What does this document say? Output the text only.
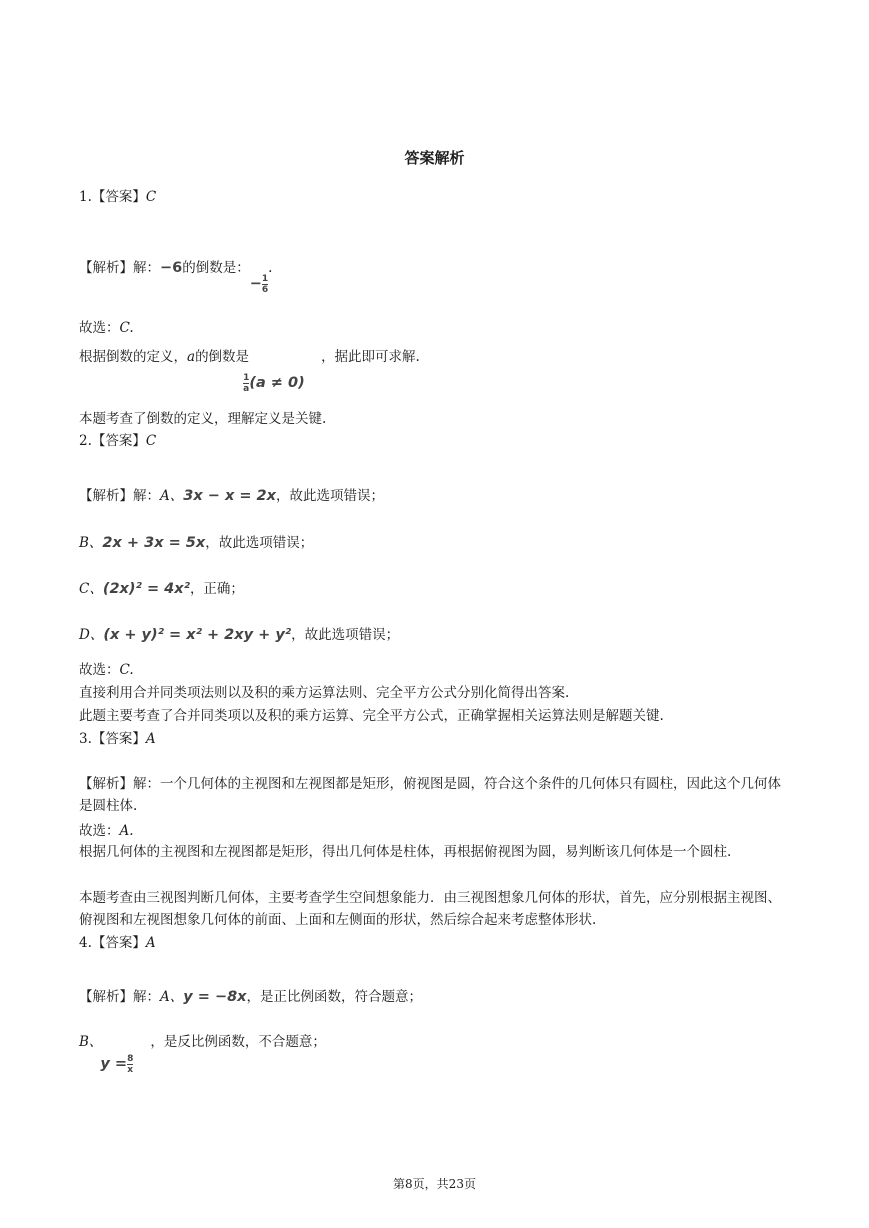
答案解析
1.【答案】C
【解析】解：−6的倒数是：$-\frac{1}{6}$
.
故选：C.
根据倒数的定义，a的倒数是
$\frac{1}{a} (a \ne 0)$
，据此即可求解.
本题考查了倒数的定义，理解定义是关键.
2.【答案】C
【解析】解：A、3x − x = 2x，故此选项错误；
B、2x + 3x = 5x，故此选项错误；
C、(2x)² = 4x²，正确；
D、(x + y)² = x² + 2xy + y²，故此选项错误；
故选：C.
直接利用合并同类项法则以及积的乘方运算法则、完全平方公式分别化简得出答案.
此题主要考查了合并同类项以及积的乘方运算、完全平方公式，正确掌握相关运算法则是解题关键.
3.【答案】A
【解析】解：一个几何体的主视图和左视图都是矩形，俯视图是圆，符合这个条件的几何体只有圆柱，因此这个几何体是圆柱体.
故选：A.
根据几何体的主视图和左视图都是矩形，得出几何体是柱体，再根据俯视图为圆，易判断该几何体是一个圆柱.
本题考查由三视图判断几何体，主要考查学生空间想象能力．由三视图想象几何体的形状，首先，应分别根据主视图、俯视图和左视图想象几何体的前面、上面和左侧面的形状，然后综合起来考虑整体形状.
4.【答案】A
【解析】解：A、y = −8x，是正比例函数，符合题意；
B、
$y =\frac{8}{x}$
，是反比例函数，不合题意；
第8页，共23页
